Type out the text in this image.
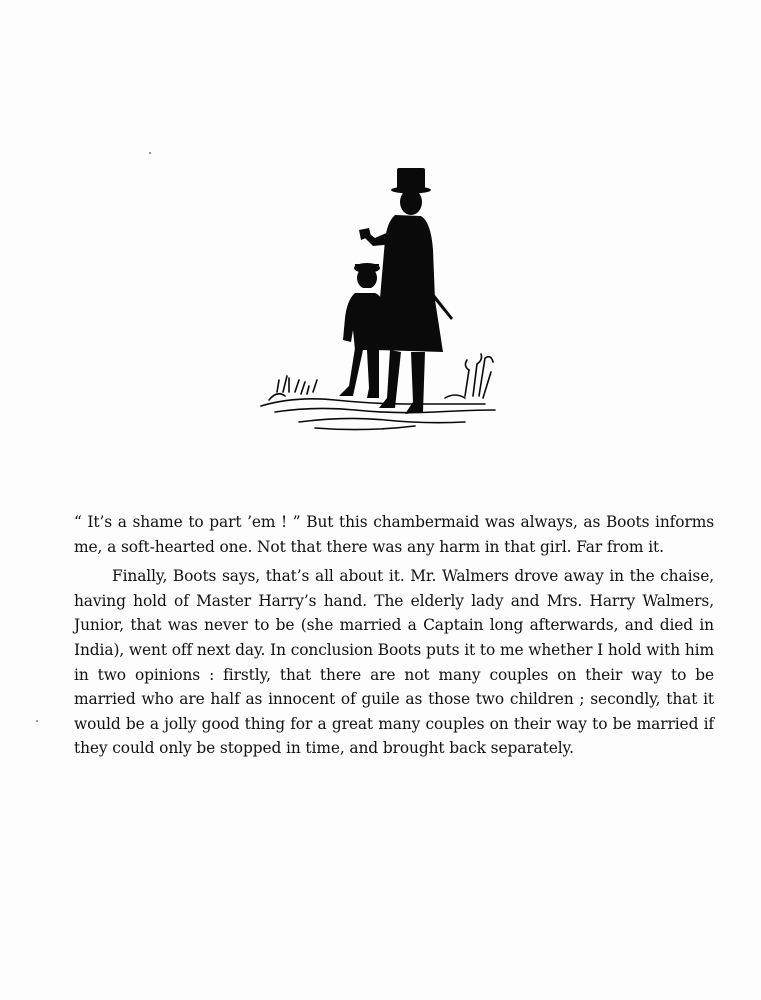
“ It’s a shame to part ’em ! ” But this chambermaid was always, as Boots informs me, a soft-hearted one. Not that there was any harm in that girl. Far from it.

Finally, Boots says, that’s all about it. Mr. Walmers drove away in the chaise, having hold of Master Harry’s hand. The elderly lady and Mrs. Harry Walmers, Junior, that was never to be (she married a Captain long afterwards, and died in India), went off next day. In conclusion Boots puts it to me whether I hold with him in two opinions : firstly, that there are not many couples on their way to be married who are half as innocent of guile as those two children ; secondly, that it would be a jolly good thing for a great many couples on their way to be married if they could only be stopped in time, and brought back separately.
